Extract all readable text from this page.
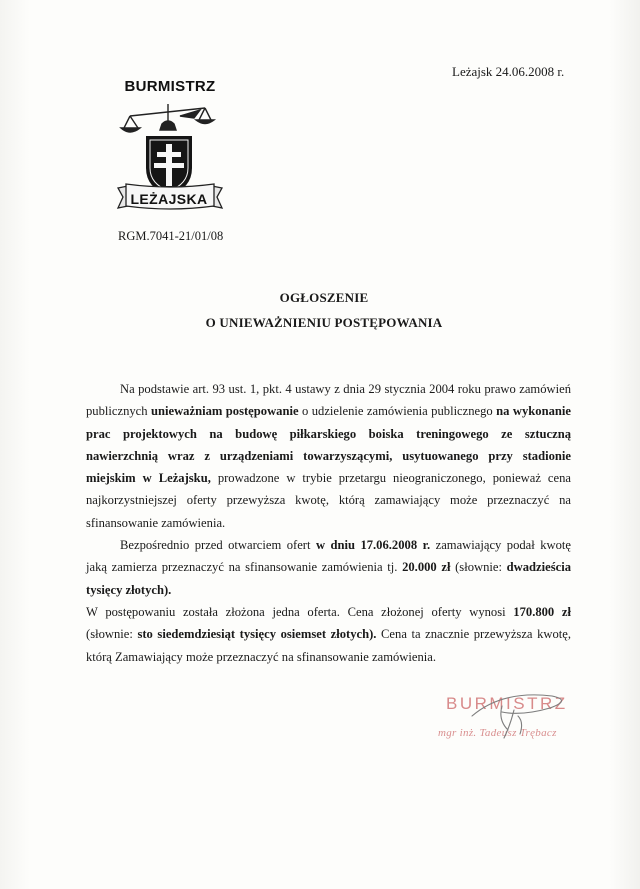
Leżajsk 24.06.2008 r.
BURMISTRZ
LEŻAJSKA
RGM.7041-21/01/08
OGŁOSZENIE
O UNIEWAŻNIENIU POSTĘPOWANIA

Na podstawie art. 93 ust. 1, pkt. 4 ustawy z dnia 29 stycznia 2004 roku prawo zamówień publicznych unieważniam postępowanie o udzielenie zamówienia publicznego na wykonanie prac projektowych na budowę piłkarskiego boiska treningowego ze sztuczną nawierzchnią wraz z urządzeniami towarzyszącymi, usytuowanego przy stadionie miejskim w Leżajsku, prowadzone w trybie przetargu nieograniczonego, ponieważ cena najkorzystniejszej oferty przewyższa kwotę, którą zamawiający może przeznaczyć na sfinansowanie zamówienia.

Bezpośrednio przed otwarciem ofert w dniu 17.06.2008 r. zamawiający podał kwotę jaką zamierza przeznaczyć na sfinansowanie zamówienia tj. 20.000 zł (słownie: dwadzieścia tysięcy złotych).

W postępowaniu została złożona jedna oferta. Cena złożonej oferty wynosi 170.800 zł (słownie: sto siedemdziesiąt tysięcy osiemset złotych). Cena ta znacznie przewyższa kwotę, którą Zamawiający może przeznaczyć na sfinansowanie zamówienia.

BURMISTRZ
mgr inż. Tadeusz Trębacz
